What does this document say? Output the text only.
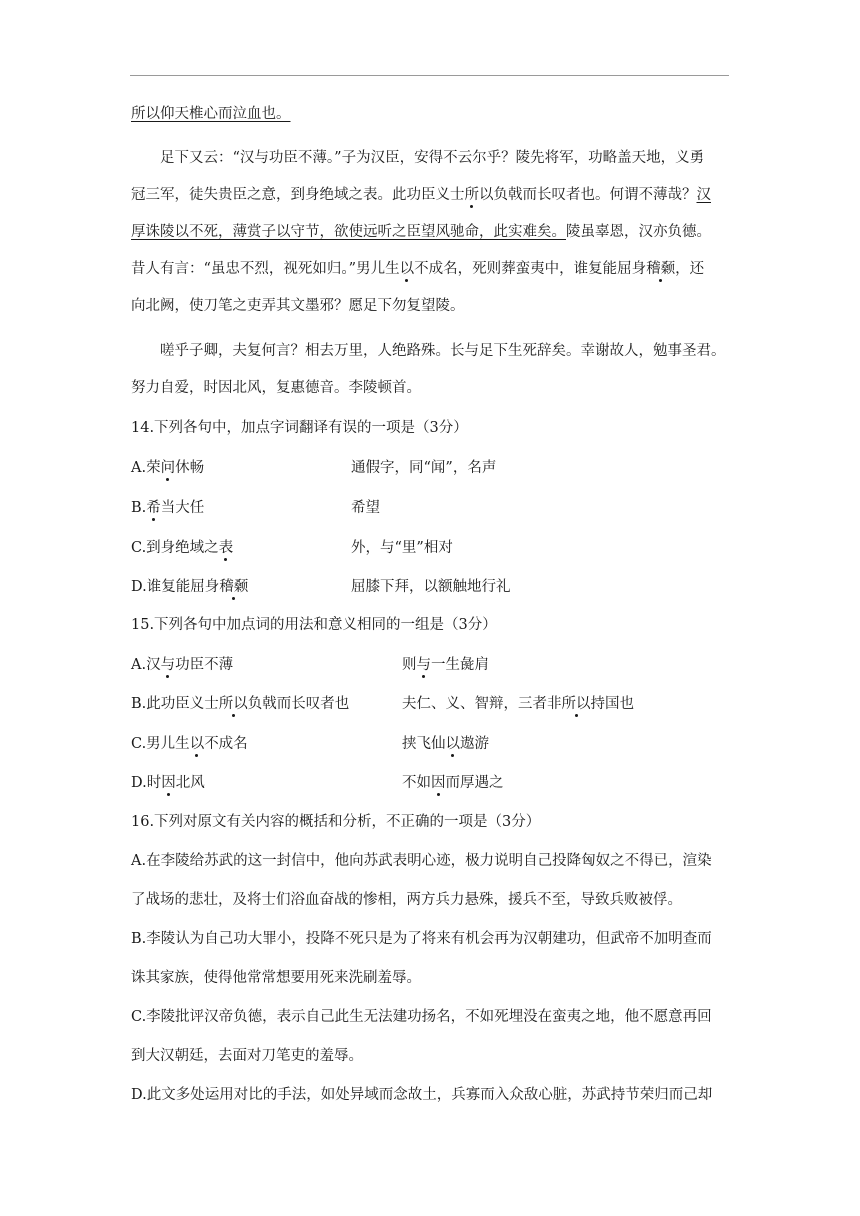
所以仰天椎心而泣血也。
足下又云：“汉与功臣不薄。”子为汉臣，安得不云尔乎？陵先将军，功略盖天地，义勇
冠三军，徒失贵臣之意，到身绝域之表。此功臣义士所以负戟而长叹者也。何谓不薄哉？汉
厚诛陵以不死，薄赏子以守节，欲使远听之臣望风驰命，此实难矣。陵虽辜恩，汉亦负德。
昔人有言：“虽忠不烈，视死如归。”男儿生以不成名，死则葬蛮夷中，谁复能屈身稽颡，还
向北阙，使刀笔之吏弄其文墨邪？愿足下勿复望陵。
嗟乎子卿，夫复何言？相去万里，人绝路殊。长与足下生死辞矣。幸谢故人，勉事圣君。
努力自爱，时因北风，复惠德音。李陵顿首。
14.下列各句中，加点字词翻译有误的一项是（3分）
A.荣问休畅	通假字，同“闻”，名声
B.希当大任	希望
C.到身绝域之表	外，与“里”相对
D.谁复能屈身稽颡	屈膝下拜，以额触地行礼
15.下列各句中加点词的用法和意义相同的一组是（3分）
A.汉与功臣不薄	则与一生彘肩
B.此功臣义士所以负戟而长叹者也	夫仁、义、智辩，三者非所以持国也
C.男儿生以不成名	挟飞仙以遨游
D.时因北风	不如因而厚遇之
16.下列对原文有关内容的概括和分析，不正确的一项是（3分）
A.在李陵给苏武的这一封信中，他向苏武表明心迹，极力说明自己投降匈奴之不得已，渲染
了战场的悲壮，及将士们浴血奋战的惨相，两方兵力悬殊，援兵不至，导致兵败被俘。
B.李陵认为自己功大罪小，投降不死只是为了将来有机会再为汉朝建功，但武帝不加明查而
诛其家族，使得他常常想要用死来洗刷羞辱。
C.李陵批评汉帝负德，表示自己此生无法建功扬名，不如死埋没在蛮夷之地，他不愿意再回
到大汉朝廷，去面对刀笔吏的羞辱。
D.此文多处运用对比的手法，如处异域而念故土，兵寡而入众敌心脏，苏武持节荣归而己却
